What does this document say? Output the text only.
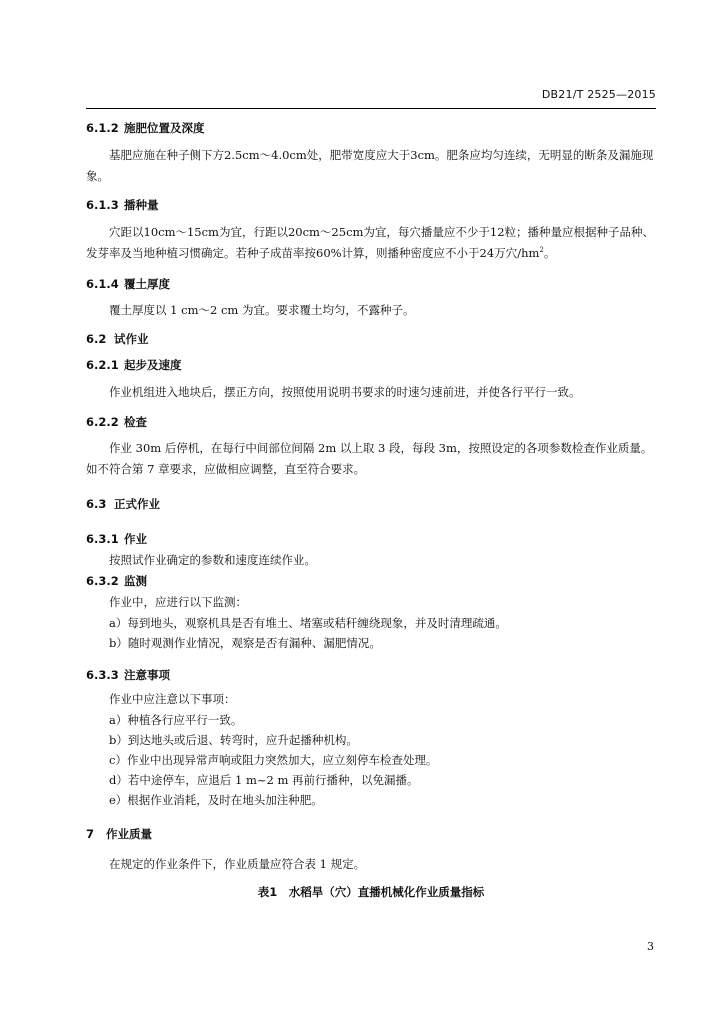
DB21/T 2525—2015
6.1.2 施肥位置及深度

基肥应施在种子侧下方2.5cm～4.0cm处，肥带宽度应大于3cm。肥条应均匀连续，无明显的断条及漏施现象。

6.1.3 播种量

穴距以10cm～15cm为宜，行距以20cm～25cm为宜，每穴播量应不少于12粒；播种量应根据种子品种、发芽率及当地种植习惯确定。若种子成苗率按60%计算，则播种密度应不小于24万穴$/hm^2$。

6.1.4 覆土厚度

覆土厚度以 1 cm～2 cm 为宜。要求覆土均匀，不露种子。

6.2 试作业
6.2.1 起步及速度

作业机组进入地块后，摆正方向，按照使用说明书要求的时速匀速前进，并使各行平行一致。

6.2.2 检查

作业 30m 后停机，在每行中间部位间隔 2m 以上取 3 段，每段 3m，按照设定的各项参数检查作业质量。如不符合第 7 章要求，应做相应调整，直至符合要求。

6.3 正式作业
6.3.1 作业

按照试作业确定的参数和速度连续作业。

6.3.2 监测

作业中，应进行以下监测：

a）每到地头，观察机具是否有堆土、堵塞或秸秆缠绕现象，并及时清理疏通。

b）随时观测作业情况，观察是否有漏种、漏肥情况。

6.3.3 注意事项

作业中应注意以下事项：

a）种植各行应平行一致。

b）到达地头或后退、转弯时，应升起播种机构。

c）作业中出现异常声响或阻力突然加大，应立刻停车检查处理。

d）若中途停车，应退后 1 m~2 m 再前行播种，以免漏播。

e）根据作业消耗，及时在地头加注种肥。

7	作业质量

在规定的作业条件下，作业质量应符合表 1 规定。

表1　水稻旱（穴）直播机械化作业质量指标

3
